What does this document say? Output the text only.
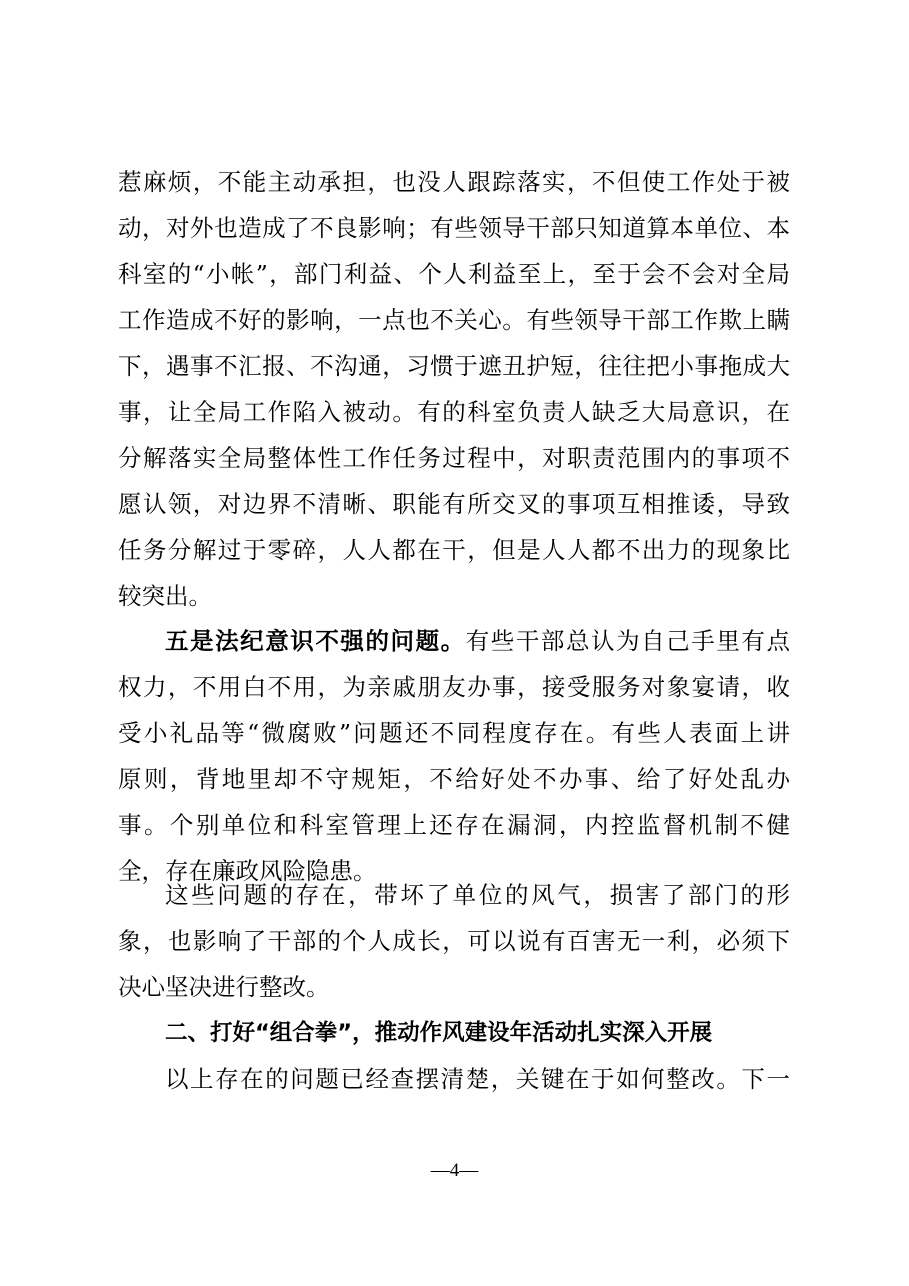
惹麻烦，不能主动承担，也没人跟踪落实，不但使工作处于被
动，对外也造成了不良影响；有些领导干部只知道算本单位、本
科室的“小帐”，部门利益、个人利益至上，至于会不会对全局
工作造成不好的影响，一点也不关心。有些领导干部工作欺上瞒
下，遇事不汇报、不沟通，习惯于遮丑护短，往往把小事拖成大
事，让全局工作陷入被动。有的科室负责人缺乏大局意识，在
分解落实全局整体性工作任务过程中，对职责范围内的事项不
愿认领，对边界不清晰、职能有所交叉的事项互相推诿，导致
任务分解过于零碎，人人都在干，但是人人都不出力的现象比
较突出。
五是法纪意识不强的问题。有些干部总认为自己手里有点
权力，不用白不用，为亲戚朋友办事，接受服务对象宴请，收
受小礼品等“微腐败”问题还不同程度存在。有些人表面上讲
原则，背地里却不守规矩，不给好处不办事、给了好处乱办
事。个别单位和科室管理上还存在漏洞，内控监督机制不健
全，存在廉政风险隐患。
这些问题的存在，带坏了单位的风气，损害了部门的形
象，也影响了干部的个人成长，可以说有百害无一利，必须下
决心坚决进行整改。
二、打好“组合拳”，推动作风建设年活动扎实深入开展
以上存在的问题已经查摆清楚，关键在于如何整改。下一
—4—
